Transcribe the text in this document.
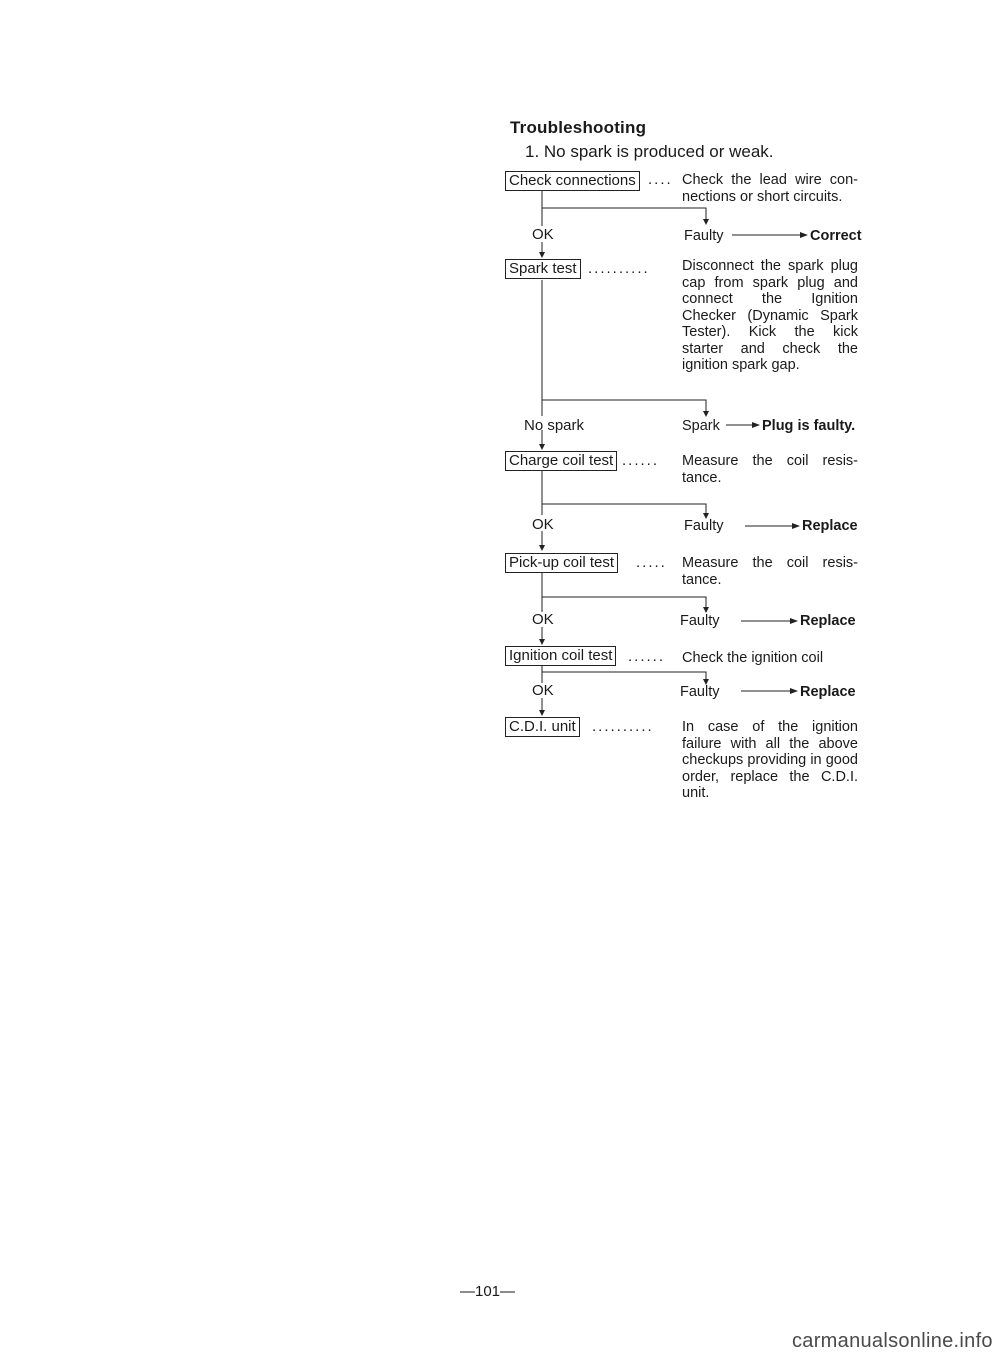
Troubleshooting
1. No spark is produced or weak.
Check connections .... Check the lead wire con-nections or short circuits.
OK	Faulty	Correct
Spark test .......... Disconnect the spark plug cap from spark plug and connect the Ignition Checker (Dynamic Spark Tester). Kick the kick starter and check the ignition spark gap.
No spark	Spark	Plug is faulty.
Charge coil test ...... Measure the coil resis-tance.
OK	Faulty	Replace
Pick-up coil test ..... Measure the coil resis-tance.
OK	Faulty	Replace
Ignition coil test ...... Check the ignition coil
OK	Faulty	Replace
C.D.I. unit .......... In case of the ignition failure with all the above checkups providing in good order, replace the C.D.I. unit.
—101—
carmanualsonline.info
